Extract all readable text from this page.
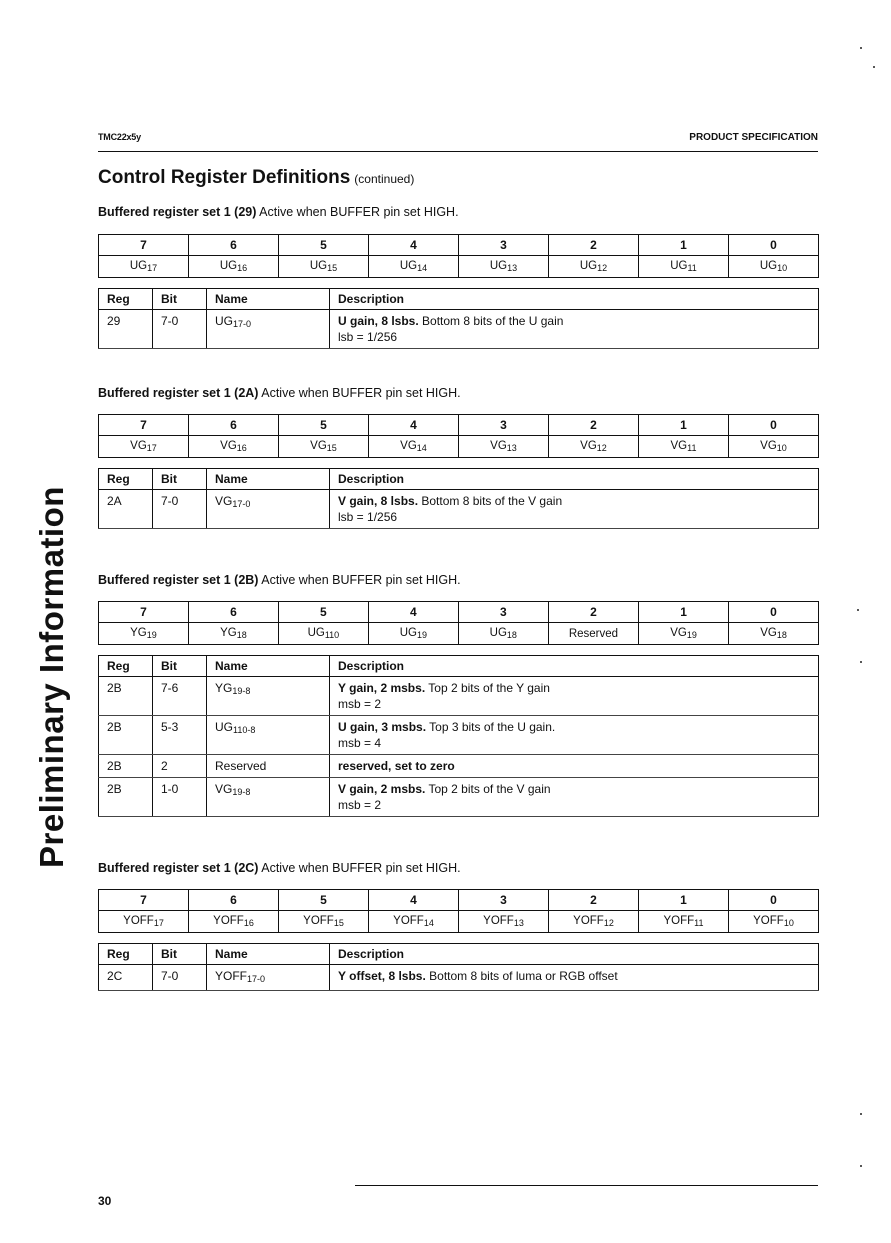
TMC22x5y	PRODUCT SPECIFICATION
Control Register Definitions (continued)
Preliminary Information
30
Buffered register set 1 (29) Active when BUFFER pin set HIGH.
7	6	5	4	3	2	1	0
$UG_{17}$	$UG_{16}$	$UG_{15}$	$UG_{14}$	$UG_{13}$	$UG_{12}$	$UG_{11}$	$UG_{10}$
Reg	Bit	Name	Description
29	7-0	$UG_{17-0}$	U gain, 8 lsbs. Bottom 8 bits of the U gain
lsb = 1/256
Buffered register set 1 (2A) Active when BUFFER pin set HIGH.
7	6	5	4	3	2	1	0
$VG_{17}$	$VG_{16}$	$VG_{15}$	$VG_{14}$	$VG_{13}$	$VG_{12}$	$VG_{11}$	$VG_{10}$
Reg	Bit	Name	Description
2A	7-0	$VG_{17-0}$	V gain, 8 lsbs. Bottom 8 bits of the V gain
lsb = 1/256
Buffered register set 1 (2B) Active when BUFFER pin set HIGH.
7	6	5	4	3	2	1	0
$YG_{19}$	$YG_{18}$	$UG_{110}$	$UG_{19}$	$UG_{18}$	Reserved	$VG_{19}$	$VG_{18}$
Reg	Bit	Name	Description
2B	7-6	$YG_{19-8}$	Y gain, 2 msbs. Top 2 bits of the Y gain
msb = 2
2B	5-3	$UG_{110-8}$	U gain, 3 msbs. Top 3 bits of the U gain.
msb = 4
2B	2	Reserved	reserved, set to zero
2B	1-0	$VG_{19-8}$	V gain, 2 msbs. Top 2 bits of the V gain
msb = 2
Buffered register set 1 (2C) Active when BUFFER pin set HIGH.
7	6	5	4	3	2	1	0
$YOFF_{17}$	$YOFF_{16}$	$YOFF_{15}$	$YOFF_{14}$	$YOFF_{13}$	$YOFF_{12}$	$YOFF_{11}$	$YOFF_{10}$
Reg	Bit	Name	Description
2C	7-0	$YOFF_{17-0}$	Y offset, 8 lsbs. Bottom 8 bits of luma or RGB offset
